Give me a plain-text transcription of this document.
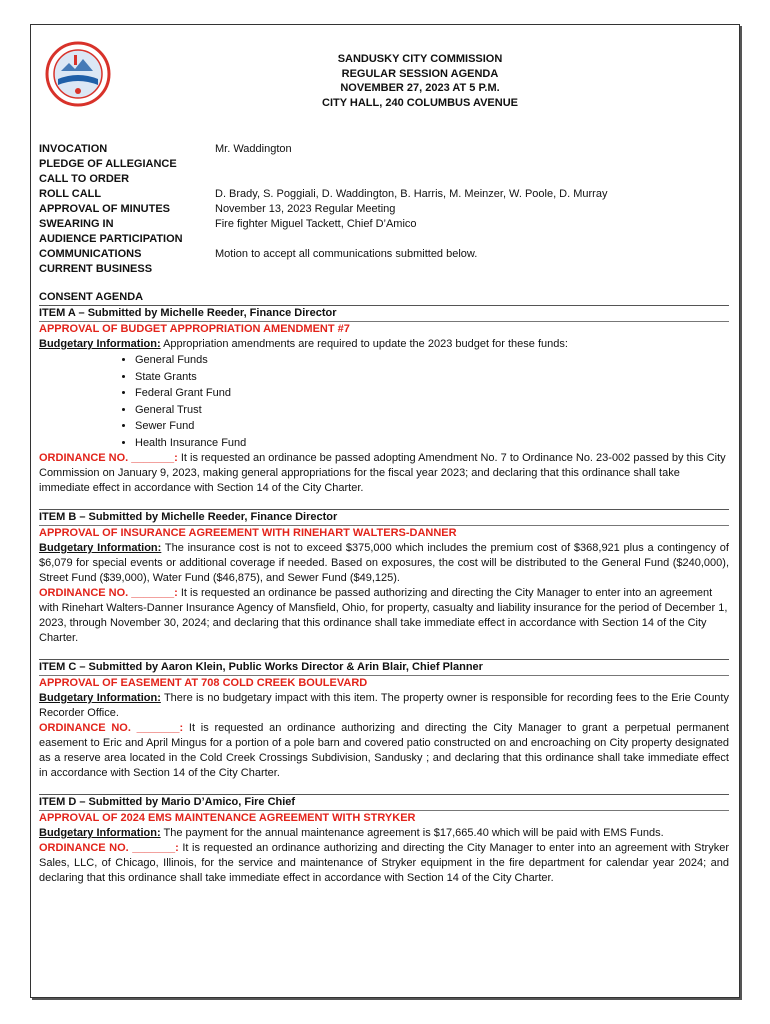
SANDUSKY CITY COMMISSION
REGULAR SESSION AGENDA
NOVEMBER 27, 2023 AT 5 P.M.
CITY HALL, 240 COLUMBUS AVENUE
INVOCATION	Mr. Waddington
PLEDGE OF ALLEGIANCE
CALL TO ORDER
ROLL CALL	D. Brady, S. Poggiali, D. Waddington, B. Harris, M. Meinzer, W. Poole, D. Murray
APPROVAL OF MINUTES	November 13, 2023 Regular Meeting
SWEARING IN	Fire fighter Miguel Tackett, Chief D’Amico
AUDIENCE PARTICIPATION
COMMUNICATIONS	Motion to accept all communications submitted below.
CURRENT BUSINESS
CONSENT AGENDA
ITEM A – Submitted by Michelle Reeder, Finance Director
APPROVAL OF BUDGET APPROPRIATION AMENDMENT #7
Budgetary Information: Appropriation amendments are required to update the 2023 budget for these funds:
• General Funds
• State Grants
• Federal Grant Fund
• General Trust
• Sewer Fund
• Health Insurance Fund
ORDINANCE NO. _______: It is requested an ordinance be passed adopting Amendment No. 7 to Ordinance No. 23-002 passed by this City Commission on January 9, 2023, making general appropriations for the fiscal year 2023; and declaring that this ordinance shall take immediate effect in accordance with Section 14 of the City Charter.
ITEM B – Submitted by Michelle Reeder, Finance Director
APPROVAL OF INSURANCE AGREEMENT WITH RINEHART WALTERS-DANNER
Budgetary Information: The insurance cost is not to exceed $375,000 which includes the premium cost of $368,921 plus a contingency of $6,079 for special events or additional coverage if needed. Based on exposures, the cost will be distributed to the General Fund ($240,000), Street Fund ($39,000), Water Fund ($46,875), and Sewer Fund ($49,125).
ORDINANCE NO. _______: It is requested an ordinance be passed authorizing and directing the City Manager to enter into an agreement with Rinehart Walters-Danner Insurance Agency of Mansfield, Ohio, for property, casualty and liability insurance for the period of December 1, 2023, through November 30, 2024; and declaring that this ordinance shall take immediate effect in accordance with Section 14 of the City Charter.
ITEM C – Submitted by Aaron Klein, Public Works Director & Arin Blair, Chief Planner
APPROVAL OF EASEMENT AT 708 COLD CREEK BOULEVARD
Budgetary Information: There is no budgetary impact with this item. The property owner is responsible for recording fees to the Erie County Recorder Office.
ORDINANCE NO. _______: It is requested an ordinance authorizing and directing the City Manager to grant a perpetual permanent easement to Eric and April Mingus for a portion of a pole barn and covered patio constructed on and encroaching on City property designated as a reserve area located in the Cold Creek Crossings Subdivision, Sandusky ; and declaring that this ordinance shall take immediate effect in accordance with Section 14 of the City Charter.
ITEM D – Submitted by Mario D’Amico, Fire Chief
APPROVAL OF 2024 EMS MAINTENANCE AGREEMENT WITH STRYKER
Budgetary Information: The payment for the annual maintenance agreement is $17,665.40 which will be paid with EMS Funds.
ORDINANCE NO. _______: It is requested an ordinance authorizing and directing the City Manager to enter into an agreement with Stryker Sales, LLC, of Chicago, Illinois, for the service and maintenance of Stryker equipment in the fire department for calendar year 2024; and declaring that this ordinance shall take immediate effect in accordance with Section 14 of the City Charter.
